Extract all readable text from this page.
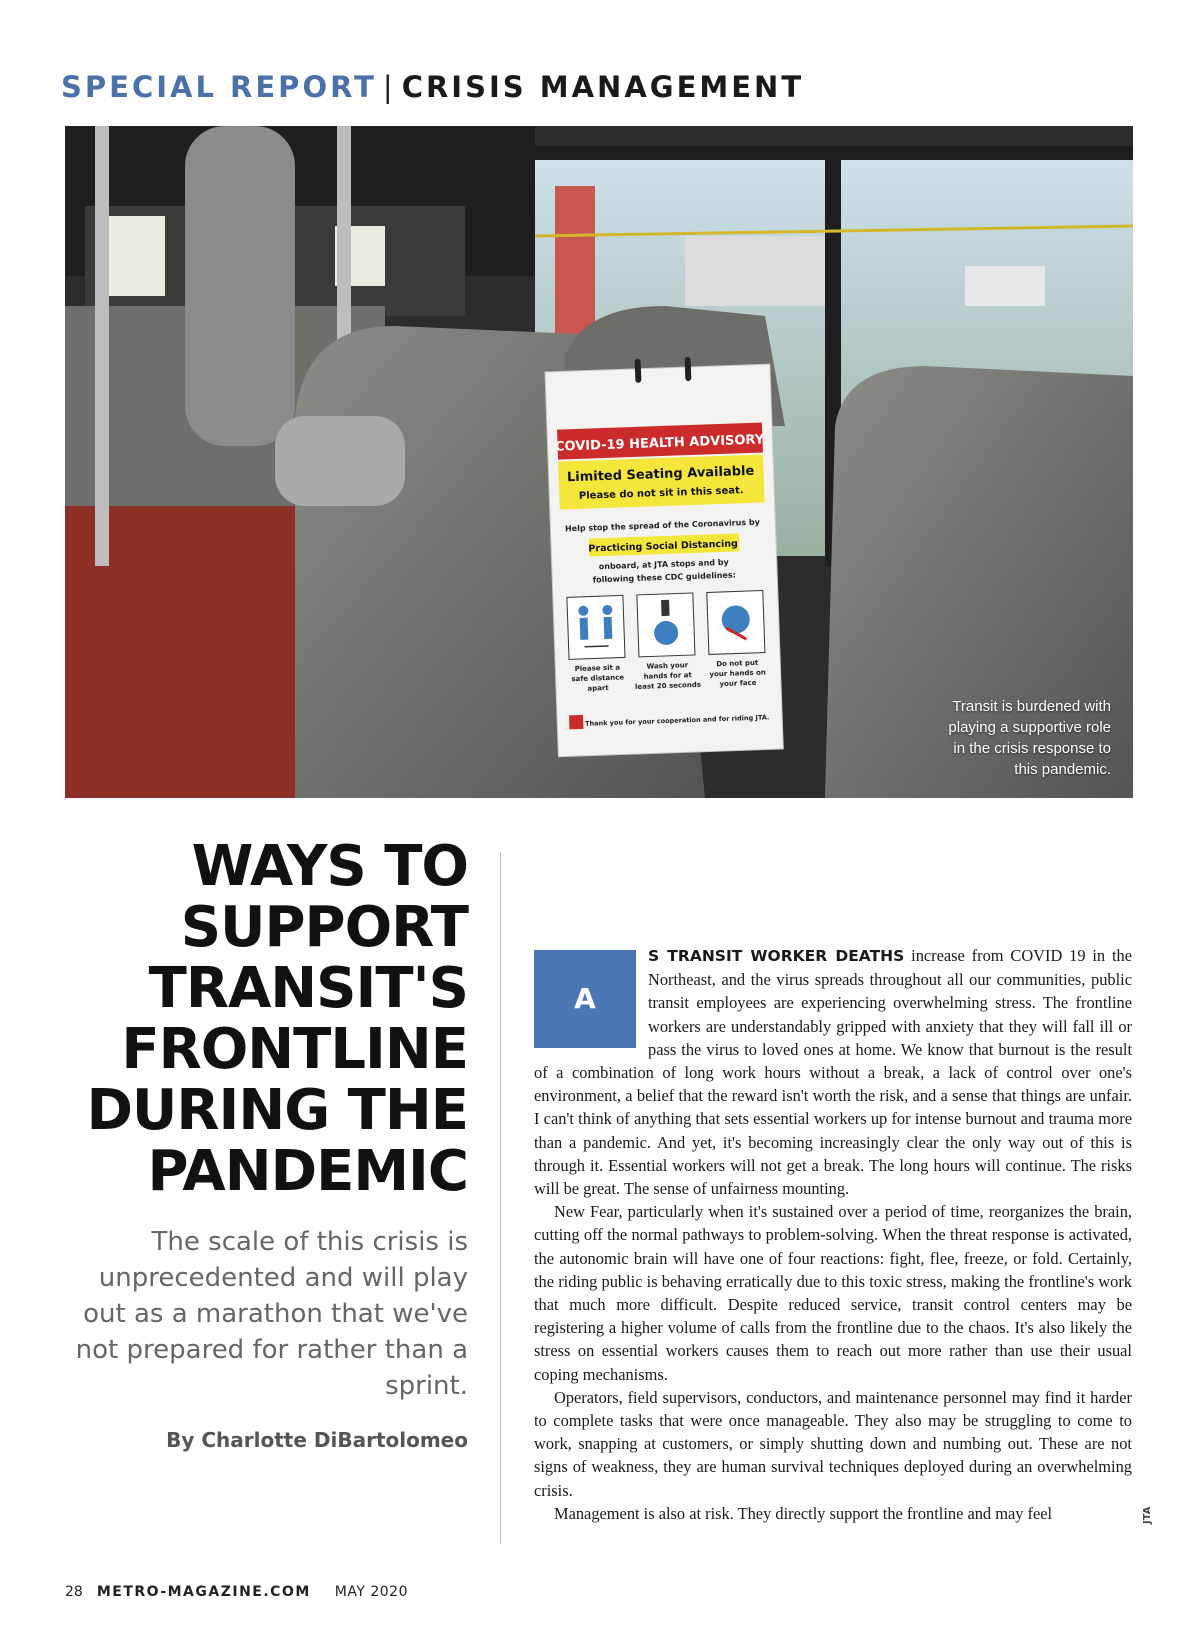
SPECIAL REPORT | CRISIS MANAGEMENT
COVID-19 HEALTH ADVISORY
Limited Seating Available
Please do not sit in this seat.
Help stop the spread of the Coronavirus by
Practicing Social Distancing
onboard, at JTA stops and by
following these CDC guidelines:
Please sit a
safe distance
apart
Wash your
hands for at
least 20 seconds
Do not put
your hands on
your face
Thank you for your cooperation and for riding JTA.
Transit is burdened with playing a supportive role in the crisis response to this pandemic.
WAYS TO
SUPPORT
TRANSIT'S
FRONTLINE
DURING THE
PANDEMIC
The scale of this crisis is unprecedented and will play out as a marathon that we've not prepared for rather than a sprint.
By Charlotte DiBartolomeo

A
S TRANSIT WORKER DEATHS increase from COVID 19 in the Northeast, and the virus spreads throughout all our communities, public transit employees are experiencing overwhelming stress. The frontline workers are understandably gripped with anxiety that they will fall ill or pass the virus to loved ones at home. We know that burnout is the result of a combination of long work hours without a break, a lack of control over one's environment, a belief that the reward isn't worth the risk, and a sense that things are unfair. I can't think of anything that sets essential workers up for intense burnout and trauma more than a pandemic. And yet, it's becoming increasingly clear the only way out of this is through it. Essential workers will not get a break. The long hours will continue. The risks will be great. The sense of unfairness mounting.

New Fear, particularly when it's sustained over a period of time, reorganizes the brain, cutting off the normal pathways to problem-solving. When the threat response is activated, the autonomic brain will have one of four reactions: fight, flee, freeze, or fold. Certainly, the riding public is behaving erratically due to this toxic stress, making the frontline's work that much more difficult. Despite reduced service, transit control centers may be registering a higher volume of calls from the frontline due to the chaos. It's also likely the stress on essential workers causes them to reach out more rather than use their usual coping mechanisms.

Operators, field supervisors, conductors, and maintenance personnel may find it harder to complete tasks that were once manageable. They also may be struggling to come to work, snapping at customers, or simply shutting down and numbing out. These are not signs of weakness, they are human survival techniques deployed during an overwhelming crisis.

Management is also at risk. They directly support the frontline and may feel	JTA
28 METRO-MAGAZINE.COM MAY 2020
